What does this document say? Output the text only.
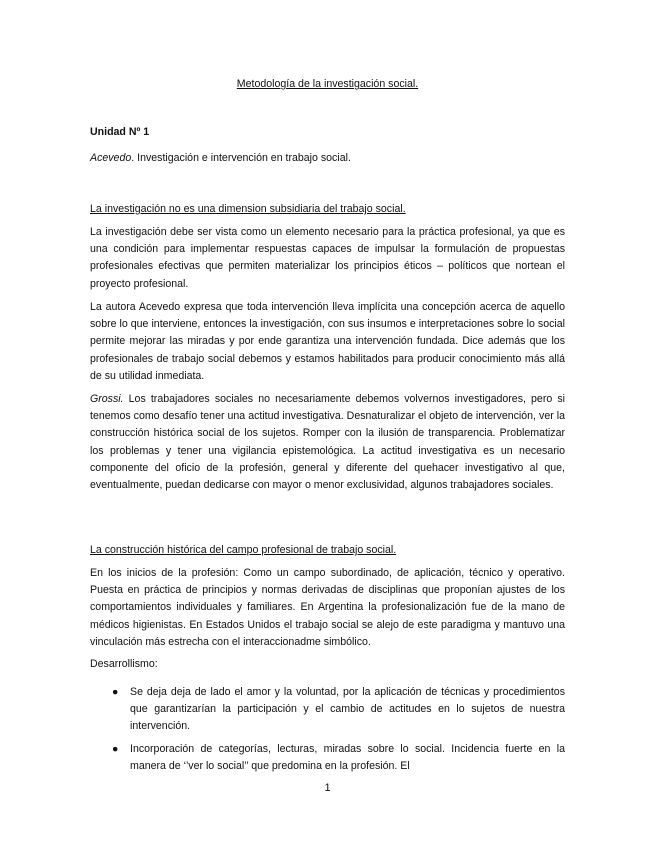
Metodología de la investigación social.
Unidad Nº 1
Acevedo. Investigación e intervención en trabajo social.
La investigación no es una dimension subsidiaria del trabajo social.

La investigación debe ser vista como un elemento necesario para la práctica profesional, ya que es una condición para implementar respuestas capaces de impulsar la formulación de propuestas profesionales efectivas que permiten materializar los principios éticos – políticos que nortean el proyecto profesional.

La autora Acevedo expresa que toda intervención lleva implícita una concepción acerca de aquello sobre lo que interviene, entonces la investigación, con sus insumos e interpretaciones sobre lo social permite mejorar las miradas y por ende garantiza una intervención fundada. Dice además que los profesionales de trabajo social debemos y estamos habilitados para producir conocimiento más allá de su utilidad inmediata.

Grossi. Los trabajadores sociales no necesariamente debemos volvernos investigadores, pero si tenemos como desafío tener una actitud investigativa. Desnaturalizar el objeto de intervención, ver la construcción histórica social de los sujetos. Romper con la ilusión de transparencia. Problematizar los problemas y tener una vigilancia epistemológica. La actitud investigativa es un necesario componente del oficio de la profesión, general y diferente del quehacer investigativo al que, eventualmente, puedan dedicarse con mayor o menor exclusividad, algunos trabajadores sociales.

La construcción histórica del campo profesional de trabajo social.

En los inicios de la profesión: Como un campo subordinado, de aplicación, técnico y operativo. Puesta en práctica de principios y normas derivadas de disciplinas que proponían ajustes de los comportamientos individuales y familiares. En Argentina la profesionalización fue de la mano de médicos higienistas. En Estados Unidos el trabajo social se alejo de este paradigma y mantuvo una vinculación más estrecha con el interaccionadme simbólico.

Desarrollismo:

● Se deja deja de lado el amor y la voluntad, por la aplicación de técnicas y procedimientos que garantizarían la participación y el cambio de actitudes en lo sujetos de nuestra intervención.
● Incorporación de categorías, lecturas, miradas sobre lo social. Incidencia fuerte en la manera de ‘’ver lo social’’ que predomina en la profesión. El
1
